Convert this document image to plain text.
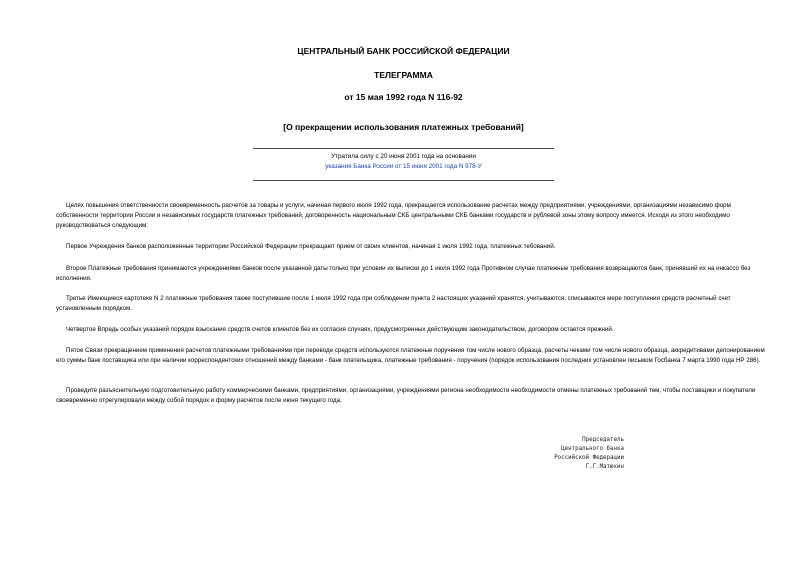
ЦЕНТРАЛЬНЫЙ БАНК РОССИЙСКОЙ ФЕДЕРАЦИИ
ТЕЛЕГРАММА
от 15 мая 1992 года N 116-92
[О прекращении использования платежных требований]
Утратила силу с 20 июня 2001 года на основании
указания Банка России от 15 июня 2001 года N 978-У

Целях повышения ответственности своевременность расчетов за товары и услуги, начиная первого июля 1992 года, прекращается использование расчетах между предприятиями, учреждениями, организациями независимо форм собственности территории России и независимых государств платежных требований, договоренность национальным СКБ центральными СКБ банками государств и рублевой зоны этому вопросу имеется. Исходя из этого необходимо руководствоваться следующим:

Первое Учреждения банков расположенные территории Российской Федерации прекращают прием от своих клиентов, начиная 1 июля 1992 года, платежных тебований.

Второе Платежные требования принимаются учреждениями банков после указанной даты только при условии их выписки до 1 июля 1992 года Противном случае платежные требования возвращаются банк, принявший их на инкассо без исполнения.

Третье Имеющиеся картотеке N 2 платежные требования также поступившие после 1 июля 1992 года при соблюдении пункта 2 настоящих указаний хранятся, учитываются, списываются мере поступления средств расчетный счет установленным порядком.

Четвертое Впредь особых указаний порядок взыскания средств счетов клиентов без их согласия случаях, предусмотренных действующим законодательством, договором остается прежний.

Пятое Связи прекращением применения расчетов платежными требованиями при переводе средств используются платежные поручения том числе нового образца, расчеты чеками том числе нового образца, аккредитивами депонированием его суммы банк поставщика или при наличии корреспондентских отношений между банками - банк плательщика, платежные требования - поручения (порядок использования последних установлен письмом Госбанка 7 марта 1990 года НР 286).

Проведите разъяснительную подготовительную работу коммерческими банками, предприятиями, организациями, учреждениями региона необходимости необходимости отмены платежных требований тем, чтобы поставщики и покупатели своевременно отрегулировали между собой порядок и форму расчетов после июня текущего года.

Председатель
Центрального банка
Российской Федерации
Г.Г.Матюхин
